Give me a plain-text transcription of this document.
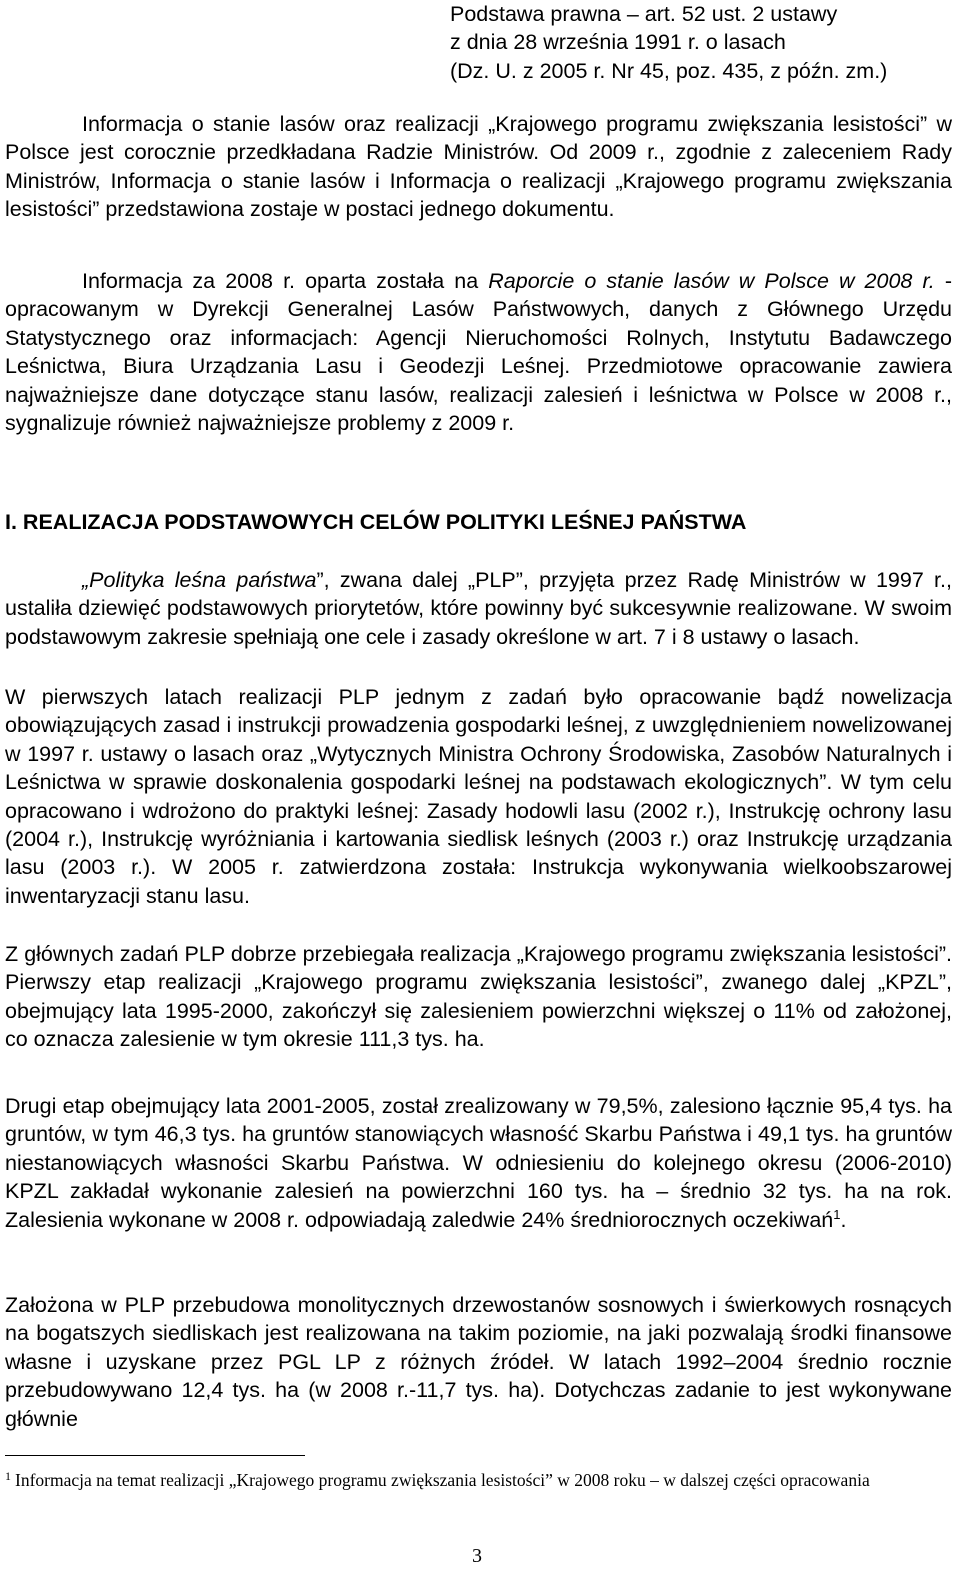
Podstawa prawna – art. 52 ust. 2 ustawy
z dnia 28 września 1991 r. o lasach
(Dz. U. z 2005 r. Nr 45, poz. 435, z późn. zm.)

Informacja o stanie lasów oraz realizacji „Krajowego programu zwiększania lesistości” w Polsce jest corocznie przedkładana Radzie Ministrów. Od 2009 r., zgodnie z zaleceniem Rady Ministrów, Informacja o stanie lasów i Informacja o realizacji „Krajowego programu zwiększania lesistości” przedstawiona zostaje w postaci jednego dokumentu.

Informacja za 2008 r. oparta została na Raporcie o stanie lasów w Polsce w 2008 r. - opracowanym w Dyrekcji Generalnej Lasów Państwowych, danych z Głównego Urzędu Statystycznego oraz informacjach: Agencji Nieruchomości Rolnych, Instytutu Badawczego Leśnictwa, Biura Urządzania Lasu i Geodezji Leśnej. Przedmiotowe opracowanie zawiera najważniejsze dane dotyczące stanu lasów, realizacji zalesień i leśnictwa w Polsce w 2008 r., sygnalizuje również najważniejsze problemy z 2009 r.

I. REALIZACJA PODSTAWOWYCH CELÓW POLITYKI LEŚNEJ PAŃSTWA

„Polityka leśna państwa”, zwana dalej „PLP”, przyjęta przez Radę Ministrów w 1997 r., ustaliła dziewięć podstawowych priorytetów, które powinny być sukcesywnie realizowane. W swoim podstawowym zakresie spełniają one cele i zasady określone w art. 7 i 8 ustawy o lasach.

W pierwszych latach realizacji PLP jednym z zadań było opracowanie bądź nowelizacja obowiązujących zasad i instrukcji prowadzenia gospodarki leśnej, z uwzględnieniem nowelizowanej w 1997 r. ustawy o lasach oraz „Wytycznych Ministra Ochrony Środowiska, Zasobów Naturalnych i Leśnictwa w sprawie doskonalenia gospodarki leśnej na podstawach ekologicznych”. W tym celu opracowano i wdrożono do praktyki leśnej: Zasady hodowli lasu (2002 r.), Instrukcję ochrony lasu (2004 r.), Instrukcję wyróżniania i kartowania siedlisk leśnych (2003 r.) oraz Instrukcję urządzania lasu (2003 r.). W 2005 r. zatwierdzona została: Instrukcja wykonywania wielkoobszarowej inwentaryzacji stanu lasu.

Z głównych zadań PLP dobrze przebiegała realizacja „Krajowego programu zwiększania lesistości”. Pierwszy etap realizacji „Krajowego programu zwiększania lesistości”, zwanego dalej „KPZL”, obejmujący lata 1995-2000, zakończył się zalesieniem powierzchni większej o 11% od założonej, co oznacza zalesienie w tym okresie 111,3 tys. ha.

Drugi etap obejmujący lata 2001-2005, został zrealizowany w 79,5%, zalesiono łącznie 95,4 tys. ha gruntów, w tym 46,3 tys. ha gruntów stanowiących własność Skarbu Państwa i 49,1 tys. ha gruntów niestanowiących własności Skarbu Państwa. W odniesieniu do kolejnego okresu (2006-2010) KPZL zakładał wykonanie zalesień na powierzchni 160 tys. ha – średnio 32 tys. ha na rok. Zalesienia wykonane w 2008 r. odpowiadają zaledwie 24% średniorocznych oczekiwań$^1$.

Założona w PLP przebudowa monolitycznych drzewostanów sosnowych i świerkowych rosnących na bogatszych siedliskach jest realizowana na takim poziomie, na jaki pozwalają środki finansowe własne i uzyskane przez PGL LP z różnych źródeł. W latach 1992–2004 średnio rocznie przebudowywano 12,4 tys. ha (w 2008 r.-11,7 tys. ha). Dotychczas zadanie to jest wykonywane głównie

$^1$ Informacja na temat realizacji „Krajowego programu zwiększania lesistości” w 2008 roku – w dalszej części opracowania
3
